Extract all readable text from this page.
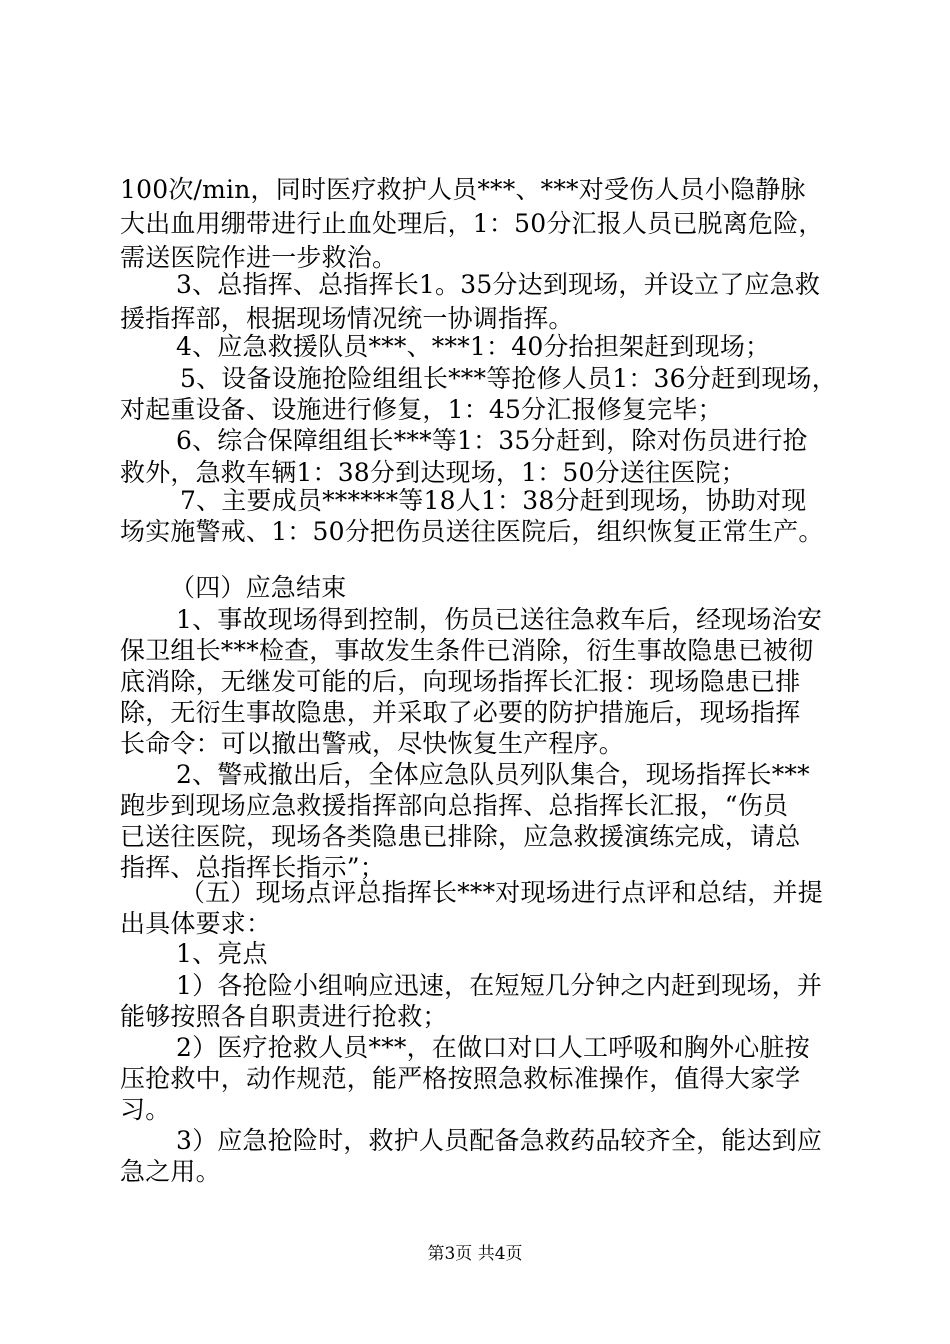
100次/min，同时医疗救护人员***、***对受伤人员小隐静脉
大出血用绷带进行止血处理后，1：50分汇报人员已脱离危险，
需送医院作进一步救治。
3、总指挥、总指挥长1。35分达到现场，并设立了应急救
援指挥部，根据现场情况统一协调指挥。
4、应急救援队员***、***1：40分抬担架赶到现场；
5、设备设施抢险组组长***等抢修人员1：36分赶到现场，
对起重设备、设施进行修复，1：45分汇报修复完毕；
6、综合保障组组长***等1：35分赶到，除对伤员进行抢
救外，急救车辆1：38分到达现场，1：50分送往医院；
7、主要成员******等18人1：38分赶到现场，协助对现
场实施警戒、1：50分把伤员送往医院后，组织恢复正常生产。
（四）应急结束
1、事故现场得到控制，伤员已送往急救车后，经现场治安
保卫组长***检查，事故发生条件已消除，衍生事故隐患已被彻
底消除，无继发可能的后，向现场指挥长汇报：现场隐患已排
除，无衍生事故隐患，并采取了必要的防护措施后，现场指挥
长命令：可以撤出警戒，尽快恢复生产程序。
2、警戒撤出后，全体应急队员列队集合，现场指挥长***
跑步到现场应急救援指挥部向总指挥、总指挥长汇报，“伤员
已送往医院，现场各类隐患已排除，应急救援演练完成，请总
指挥、总指挥长指示”；
（五）现场点评总指挥长***对现场进行点评和总结，并提
出具体要求：
1、亮点
1）各抢险小组响应迅速，在短短几分钟之内赶到现场，并
能够按照各自职责进行抢救；
2）医疗抢救人员***，在做口对口人工呼吸和胸外心脏按
压抢救中，动作规范，能严格按照急救标准操作，值得大家学
习。
3）应急抢险时，救护人员配备急救药品较齐全，能达到应
急之用。
第3页 共4页
